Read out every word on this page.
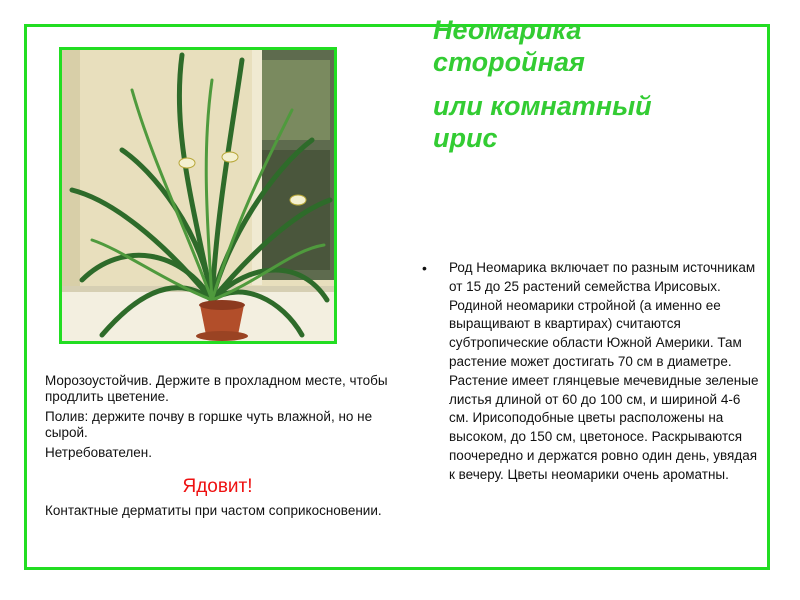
Неомарика
сторойная
или комнатный
ирис
• Род Неомарика включает по разным источникам от 15 до 25 растений семейства Ирисовых. Родиной неомарики стройной (а именно ее выращивают в квартирах) считаются субтропические области Южной Америки. Там растение может достигать 70 см в диаметре. Растение имеет глянцевые мечевидные зеленые листья длиной от 60 до 100 см, и шириной 4-6 см. Ирисоподобные цветы расположены на высоком, до 150 см, цветоносе. Раскрываются поочередно и держатся ровно один день, увядая к вечеру. Цветы неомарики очень ароматны.

Морозоустойчив. Держите в прохладном месте, чтобы продлить цветение.

Полив: держите почву в горшке чуть влажной, но не сырой.

Нетребователен.

Ядовит!

Контактные дерматиты при частом соприкосновении.
